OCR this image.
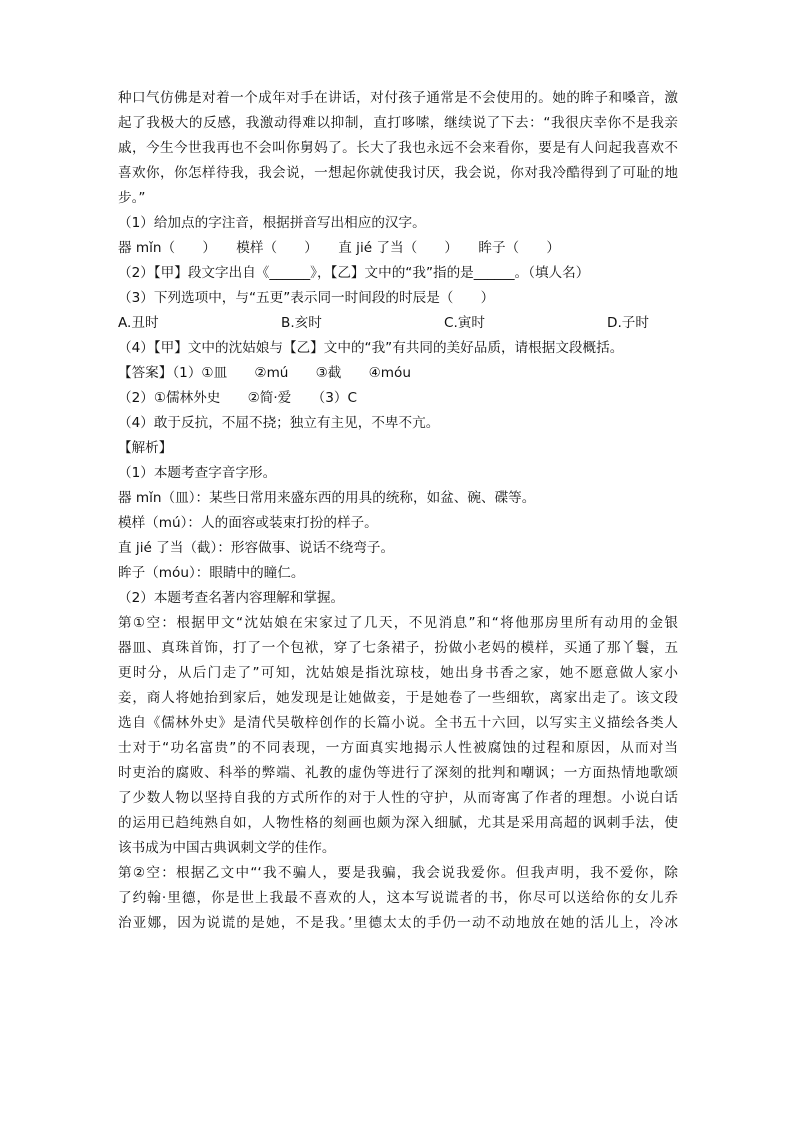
种口气仿佛是对着一个成年对手在讲话，对付孩子通常是不会使用的。她的眸子和嗓音，激

起了我极大的反感，我激动得难以抑制，直打哆嗦，继续说了下去：“我很庆幸你不是我亲

戚，今生今世我再也不会叫你舅妈了。长大了我也永远不会来看你，要是有人问起我喜欢不

喜欢你，你怎样待我，我会说，一想起你就使我讨厌，我会说，你对我冷酷得到了可耻的地

步。”

（1）给加点的字注音，根据拼音写出相应的汉字。

器 mǐn（　　）　　模样（　　）　　直 jié 了当（　　）　　眸子（　　）

（2）【甲】段文字出自《______》，【乙】文中的“我”指的是______。（填人名）

（3）下列选项中，与“五更”表示同一时间段的时辰是（　　）

A.丑时	B.亥时	C.寅时	D.子时

（4）【甲】文中的沈姑娘与【乙】文中的“我”有共同的美好品质，请根据文段概括。

【答案】（1）①皿　　②mú　　③截　　④móu

（2）①儒林外史　　②简·爱　　（3）C

（4）敢于反抗，不屈不挠；独立有主见，不卑不亢。

【解析】

（1）本题考查字音字形。

器 mǐn（皿）：某些日常用来盛东西的用具的统称，如盆、碗、碟等。

模样（mú）：人的面容或装束打扮的样子。

直 jié 了当（截）：形容做事、说话不绕弯子。

眸子（móu）：眼睛中的瞳仁。

（2）本题考查名著内容理解和掌握。

第①空：根据甲文“沈姑娘在宋家过了几天，不见消息”和“将他那房里所有动用的金银

器皿、真珠首饰，打了一个包袱，穿了七条裙子，扮做小老妈的模样，买通了那丫鬟，五

更时分，从后门走了”可知，沈姑娘是指沈琼枝，她出身书香之家，她不愿意做人家小

妾，商人将她抬到家后，她发现是让她做妾，于是她卷了一些细软，离家出走了。该文段

选自《儒林外史》是清代吴敬梓创作的长篇小说。全书五十六回，以写实主义描绘各类人

士对于“功名富贵”的不同表现，一方面真实地揭示人性被腐蚀的过程和原因，从而对当

时吏治的腐败、科举的弊端、礼教的虚伪等进行了深刻的批判和嘲讽；一方面热情地歌颂

了少数人物以坚持自我的方式所作的对于人性的守护，从而寄寓了作者的理想。小说白话

的运用已趋纯熟自如，人物性格的刻画也颇为深入细腻，尤其是采用高超的讽刺手法，使

该书成为中国古典讽刺文学的佳作。

第②空：根据乙文中“‘我不骗人，要是我骗，我会说我爱你。但我声明，我不爱你，除

了约翰·里德，你是世上我最不喜欢的人，这本写说谎者的书，你尽可以送给你的女儿乔

治亚娜，因为说谎的是她，不是我。’里德太太的手仍一动不动地放在她的活儿上，冷冰
